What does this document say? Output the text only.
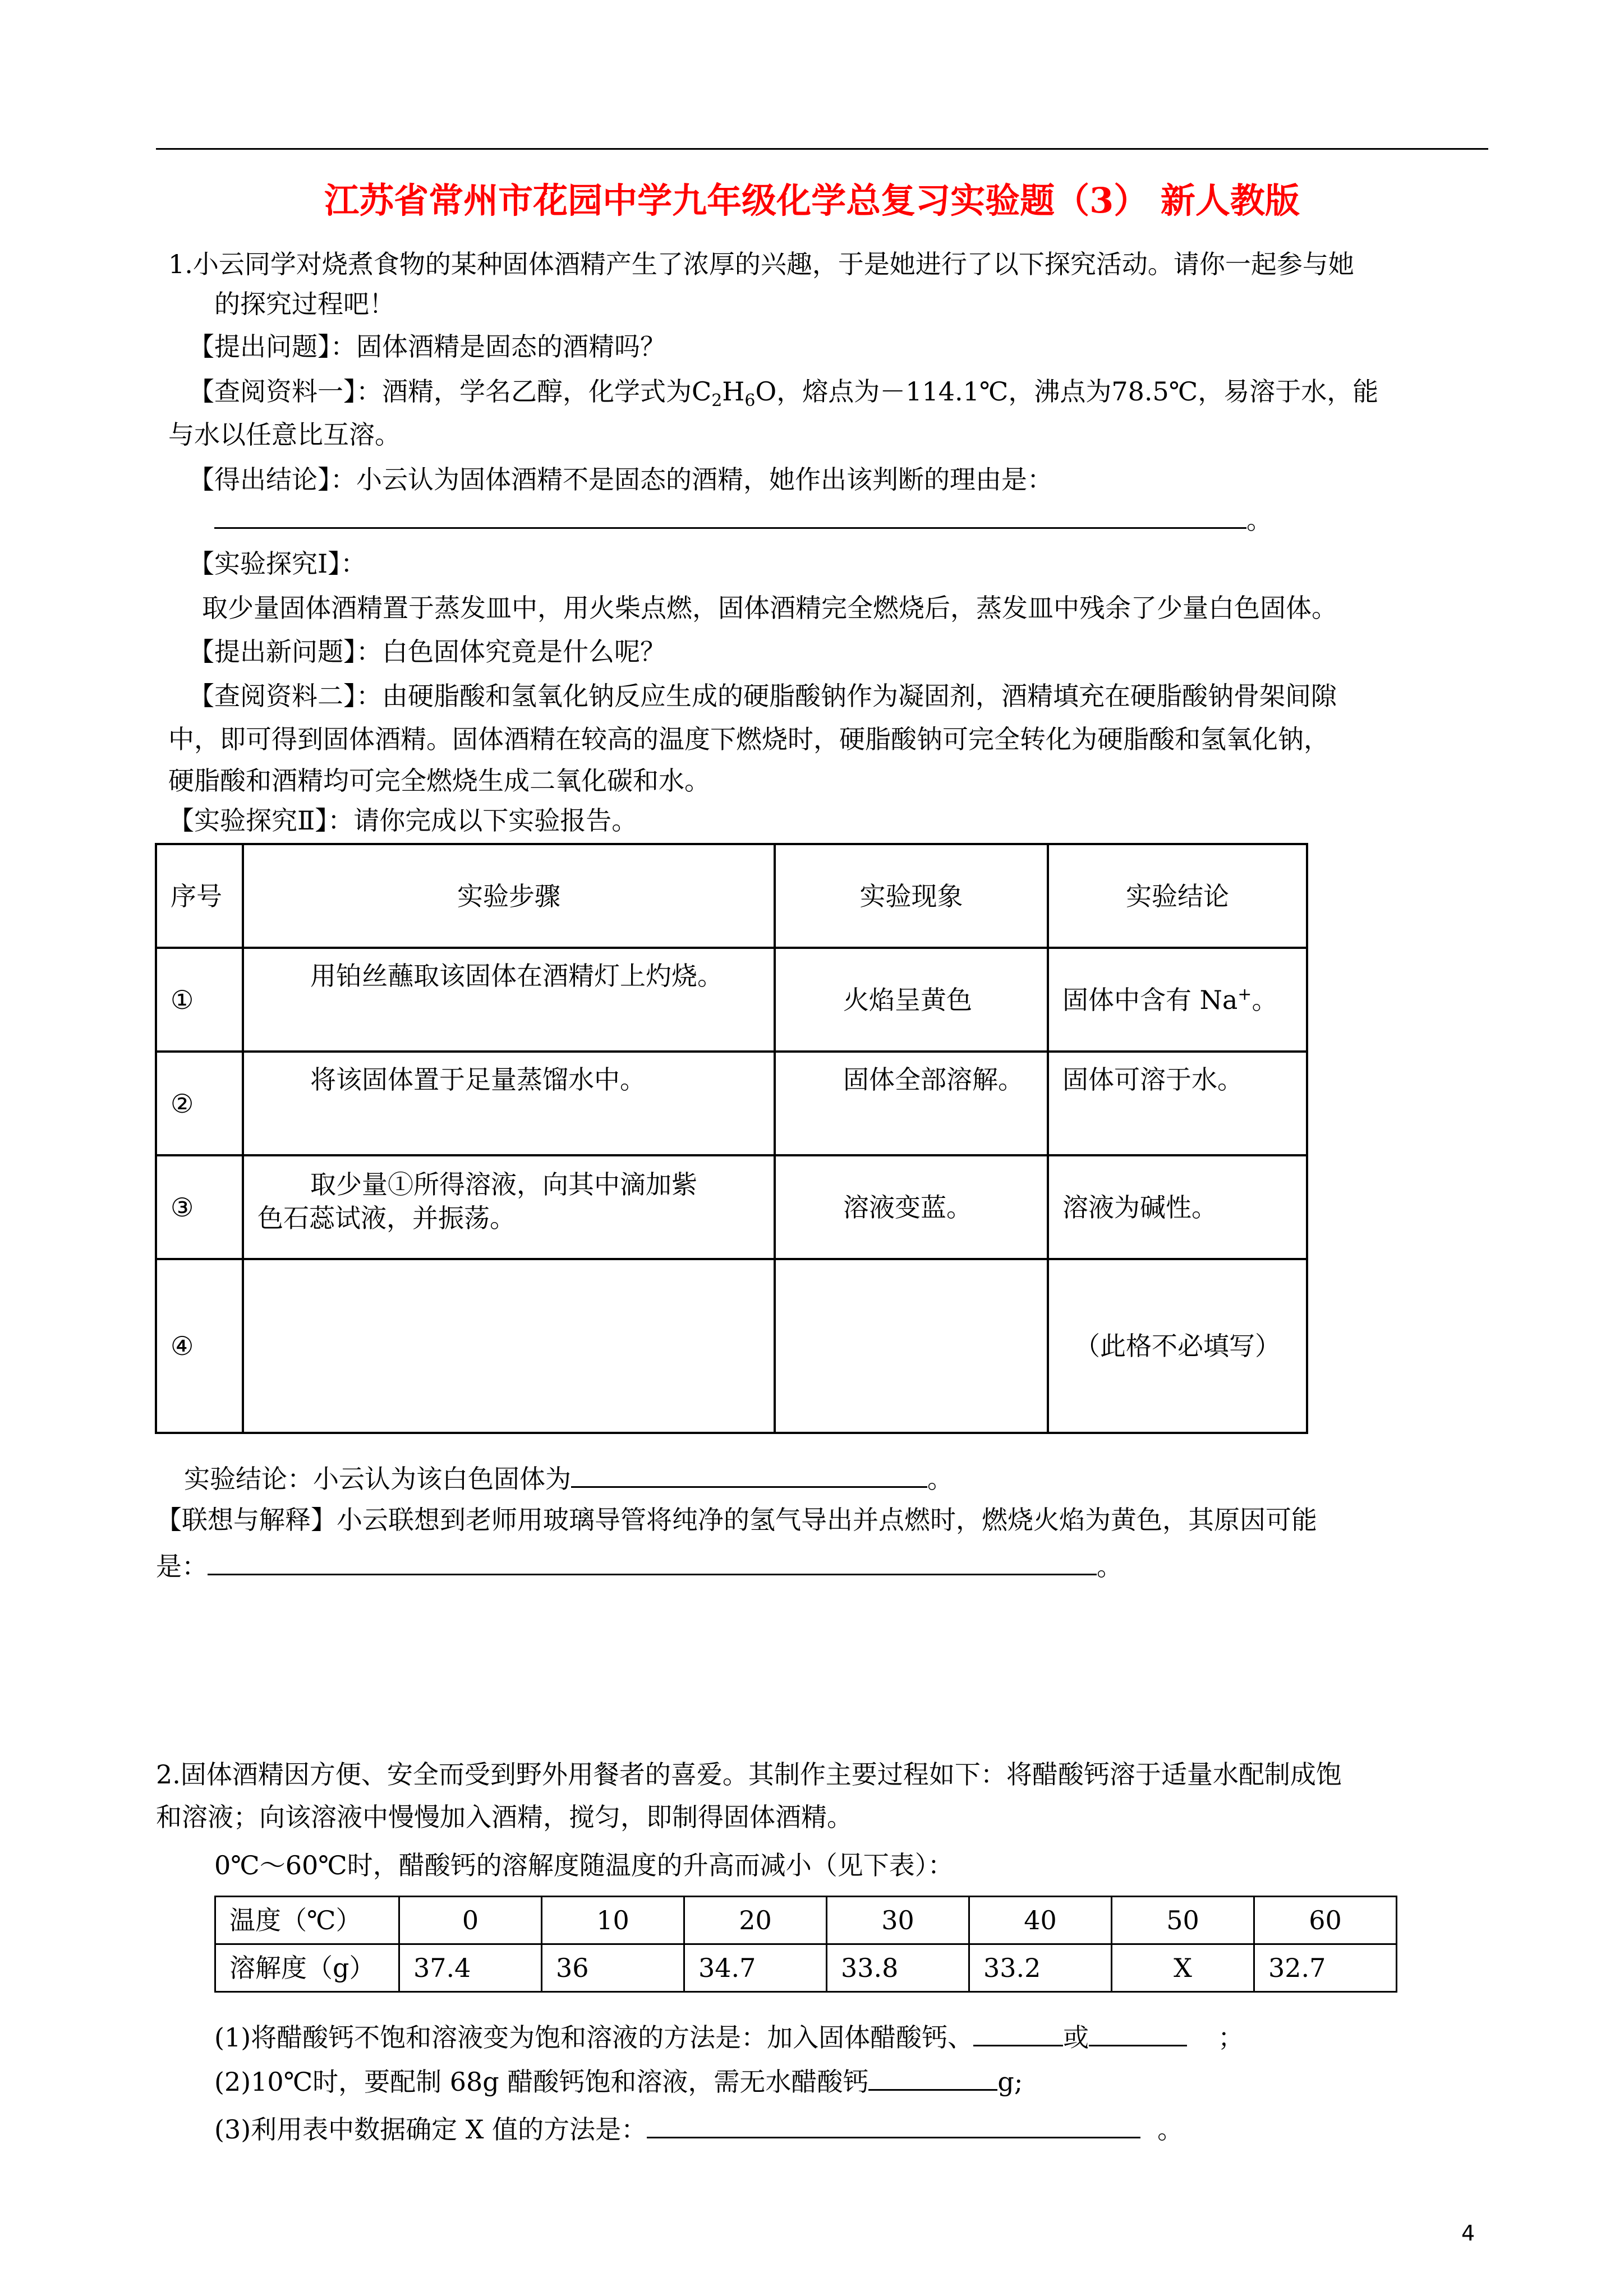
江苏省常州市花园中学九年级化学总复习实验题（3） 新人教版
1.小云同学对烧煮食物的某种固体酒精产生了浓厚的兴趣，于是她进行了以下探究活动。请你一起参与她
的探究过程吧！
【提出问题】：固体酒精是固态的酒精吗？
【查阅资料一】：酒精，学名乙醇，化学式为$C_2H_6O$，熔点为－114.1℃，沸点为78.5℃，易溶于水，能
与水以任意比互溶。
【得出结论】：小云认为固体酒精不是固态的酒精，她作出该判断的理由是：
。
【实验探究Ⅰ】：
取少量固体酒精置于蒸发皿中，用火柴点燃，固体酒精完全燃烧后，蒸发皿中残余了少量白色固体。
【提出新问题】：白色固体究竟是什么呢？
【查阅资料二】：由硬脂酸和氢氧化钠反应生成的硬脂酸钠作为凝固剂，酒精填充在硬脂酸钠骨架间隙
中，即可得到固体酒精。固体酒精在较高的温度下燃烧时，硬脂酸钠可完全转化为硬脂酸和氢氧化钠，
硬脂酸和酒精均可完全燃烧生成二氧化碳和水。
【实验探究Ⅱ】：请你完成以下实验报告。
序号	实验步骤	实验现象	实验结论
①	用铂丝蘸取该固体在酒精灯上灼烧。	火焰呈黄色	固体中含有 Na+。
②	将该固体置于足量蒸馏水中。	固体全部溶解。	固体可溶于水。
③	取少量①所得溶液，向其中滴加紫
色石蕊试液，并振荡。	溶液变蓝。	溶液为碱性。
④			（此格不必填写）
实验结论：小云认为该白色固体为	。
【联想与解释】小云联想到老师用玻璃导管将纯净的氢气导出并点燃时，燃烧火焰为黄色，其原因可能
是：	。
2.固体酒精因方便、安全而受到野外用餐者的喜爱。其制作主要过程如下：将醋酸钙溶于适量水配制成饱
和溶液；向该溶液中慢慢加入酒精，搅匀，即制得固体酒精。
0℃～60℃时，醋酸钙的溶解度随温度的升高而减小（见下表）：
温度（℃）	0	10	20	30	40	50	60
溶解度（g）	37.4	36	34.7	33.8	33.2	X	32.7
(1)将醋酸钙不饱和溶液变为饱和溶液的方法是：加入固体醋酸钙、	或	；
(2)10℃时，要配制 68g 醋酸钙饱和溶液，需无水醋酸钙	g;
(3)利用表中数据确定 X 值的方法是：	。
4
